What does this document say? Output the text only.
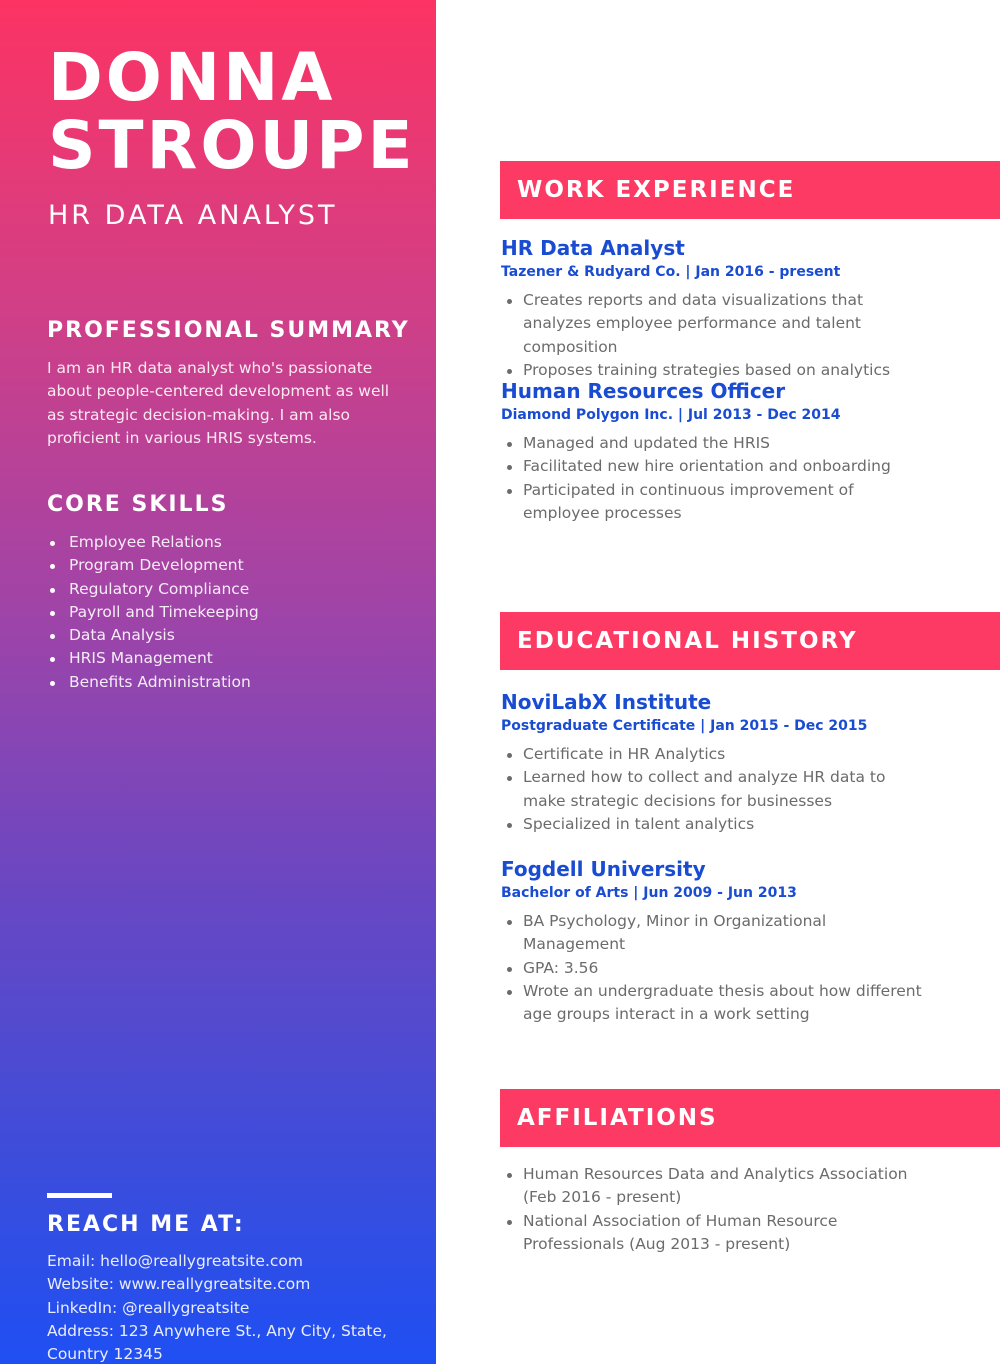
DONNA
STROUPE
HR DATA ANALYST
PROFESSIONAL SUMMARY
I am an HR data analyst who's passionate about people-centered development as well as strategic decision-making. I am also proficient in various HRIS systems.
CORE SKILLS
Employee Relations
Program Development
Regulatory Compliance
Payroll and Timekeeping
Data Analysis
HRIS Management
Benefits Administration
REACH ME AT:
Email: hello@reallygreatsite.com
Website: www.reallygreatsite.com
LinkedIn: @reallygreatsite
Address: 123 Anywhere St., Any City, State, Country 12345
WORK EXPERIENCE
HR Data Analyst
Tazener & Rudyard Co. | Jan 2016 - present
Creates reports and data visualizations that analyzes employee performance and talent composition
Proposes training strategies based on analytics
Human Resources Officer
Diamond Polygon Inc. | Jul 2013 - Dec 2014
Managed and updated the HRIS
Facilitated new hire orientation and onboarding
Participated in continuous improvement of employee processes
EDUCATIONAL HISTORY
NoviLabX Institute
Postgraduate Certificate | Jan 2015 - Dec 2015
Certificate in HR Analytics
Learned how to collect and analyze HR data to make strategic decisions for businesses
Specialized in talent analytics
Fogdell University
Bachelor of Arts | Jun 2009 - Jun 2013
BA Psychology, Minor in Organizational Management
GPA: 3.56
Wrote an undergraduate thesis about how different age groups interact in a work setting
AFFILIATIONS
Human Resources Data and Analytics Association (Feb 2016 - present)
National Association of Human Resource Professionals (Aug 2013 - present)
